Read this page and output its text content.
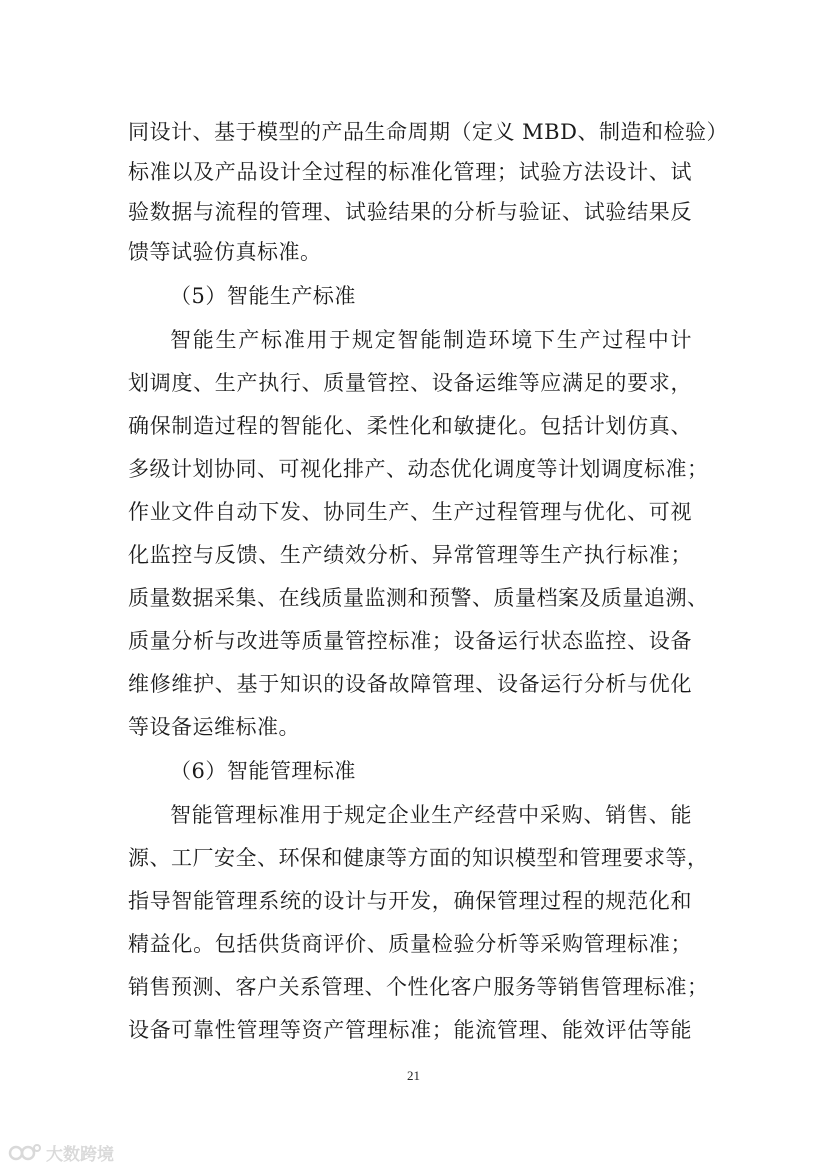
同设计、基于模型的产品生命周期（定义 MBD、制造和检验）
标准以及产品设计全过程的标准化管理；试验方法设计、试
验数据与流程的管理、试验结果的分析与验证、试验结果反
馈等试验仿真标准。
（5）智能生产标准
智能生产标准用于规定智能制造环境下生产过程中计
划调度、生产执行、质量管控、设备运维等应满足的要求，
确保制造过程的智能化、柔性化和敏捷化。包括计划仿真、
多级计划协同、可视化排产、动态优化调度等计划调度标准；
作业文件自动下发、协同生产、生产过程管理与优化、可视
化监控与反馈、生产绩效分析、异常管理等生产执行标准；
质量数据采集、在线质量监测和预警、质量档案及质量追溯、
质量分析与改进等质量管控标准；设备运行状态监控、设备
维修维护、基于知识的设备故障管理、设备运行分析与优化
等设备运维标准。
（6）智能管理标准
智能管理标准用于规定企业生产经营中采购、销售、能
源、工厂安全、环保和健康等方面的知识模型和管理要求等，
指导智能管理系统的设计与开发，确保管理过程的规范化和
精益化。包括供货商评价、质量检验分析等采购管理标准；
销售预测、客户关系管理、个性化客户服务等销售管理标准；
设备可靠性管理等资产管理标准；能流管理、能效评估等能
21
大数跨境
